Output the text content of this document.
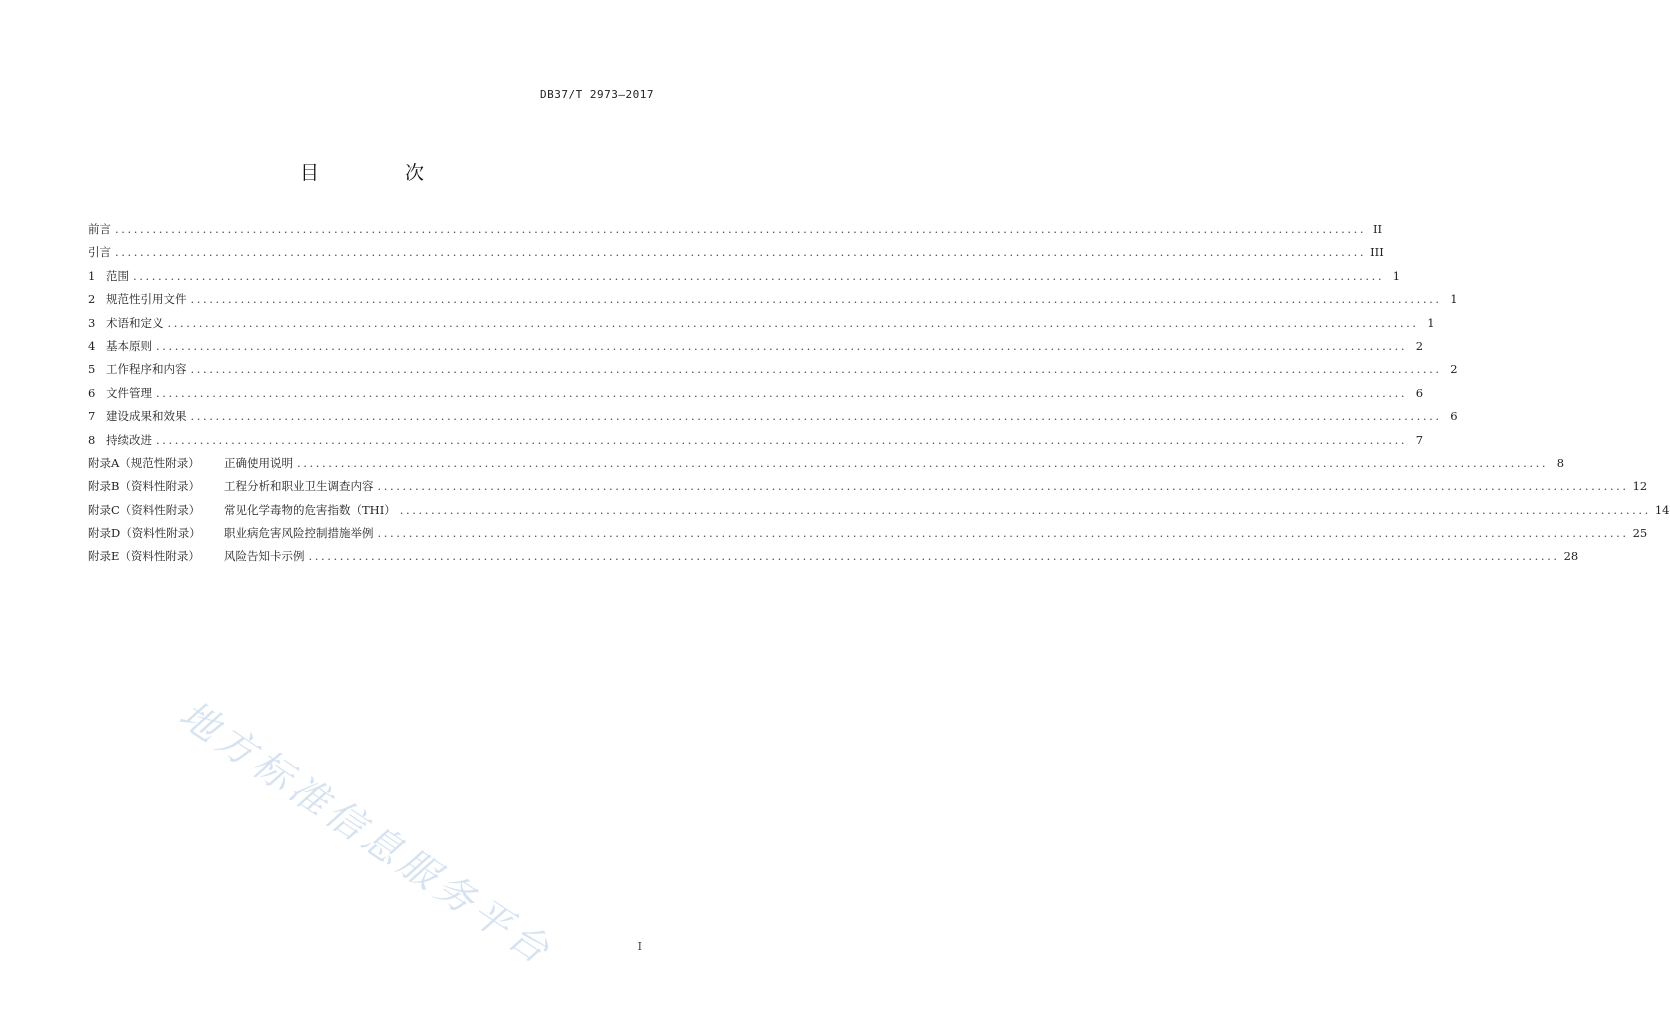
DB37/T 2973—2017
目 次
前言 ........................................................................................................................................................................................................ II
引言 ........................................................................................................................................................................................................ III
1 范围 ........................................................................................................................................................................................................ 1
2 规范性引用文件 ........................................................................................................................................................................................................ 1
3 术语和定义 ........................................................................................................................................................................................................ 1
4 基本原则 ........................................................................................................................................................................................................ 2
5 工作程序和内容 ........................................................................................................................................................................................................ 2
6 文件管理 ........................................................................................................................................................................................................ 6
7 建设成果和效果 ........................................................................................................................................................................................................ 6
8 持续改进 ........................................................................................................................................................................................................ 7
附录A（规范性附录）	正确使用说明 ........................................................................................................................................................................................................ 8
附录B（资料性附录）	工程分析和职业卫生调查内容 ........................................................................................................................................................................................................ 12
附录C（资料性附录）	常见化学毒物的危害指数（THI） ........................................................................................................................................................................................................ 14
附录D（资料性附录）	职业病危害风险控制措施举例 ........................................................................................................................................................................................................ 25
附录E（资料性附录）	风险告知卡示例 ........................................................................................................................................................................................................ 28
地方标准信息服务平台	I
